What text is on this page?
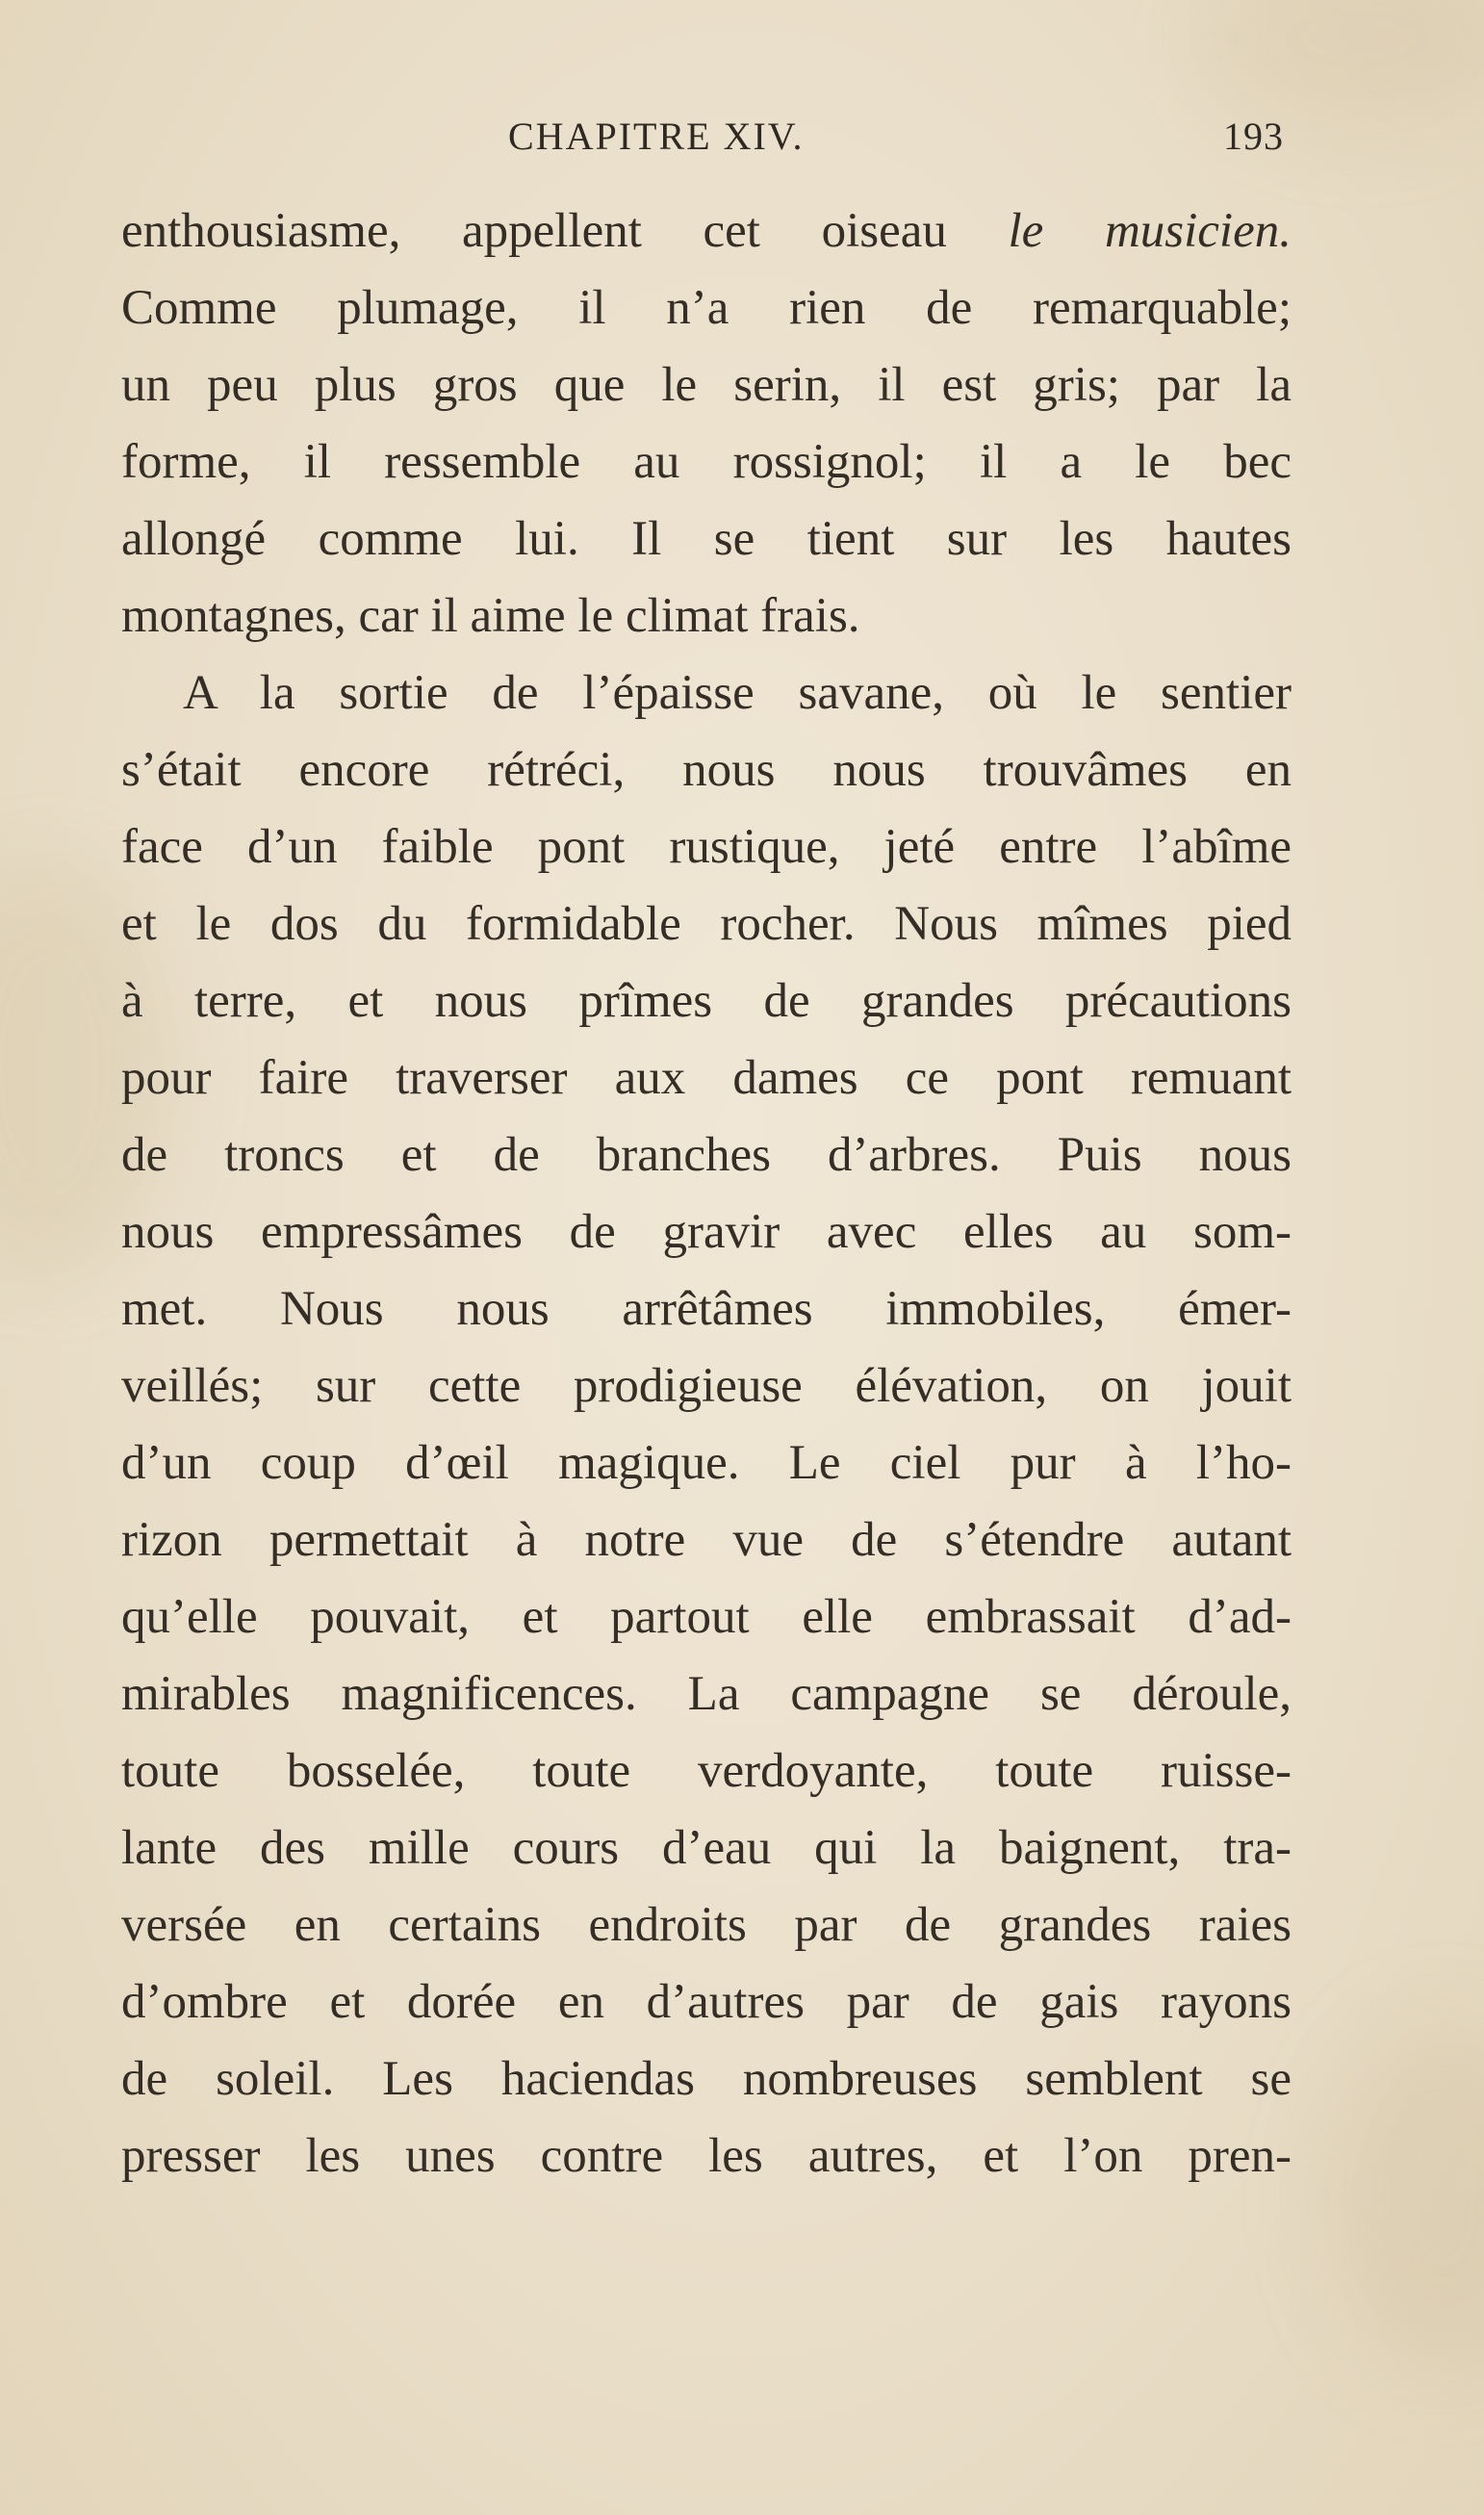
CHAPITRE XIV.	193
enthousiasme, appellent cet oiseau le musicien.
Comme plumage, il n’a rien de remarquable;
un peu plus gros que le serin, il est gris; par la
forme, il ressemble au rossignol; il a le bec
allongé comme lui. Il se tient sur les hautes
montagnes, car il aime le climat frais.
A la sortie de l’épaisse savane, où le sentier
s’était encore rétréci, nous nous trouvâmes en
face d’un faible pont rustique, jeté entre l’abîme
et le dos du formidable rocher. Nous mîmes pied
à terre, et nous prîmes de grandes précautions
pour faire traverser aux dames ce pont remuant
de troncs et de branches d’arbres. Puis nous
nous empressâmes de gravir avec elles au som-
met. Nous nous arrêtâmes immobiles, émer-
veillés; sur cette prodigieuse élévation, on jouit
d’un coup d’œil magique. Le ciel pur à l’ho-
rizon permettait à notre vue de s’étendre autant
qu’elle pouvait, et partout elle embrassait d’ad-
mirables magnificences. La campagne se déroule,
toute bosselée, toute verdoyante, toute ruisse-
lante des mille cours d’eau qui la baignent, tra-
versée en certains endroits par de grandes raies
d’ombre et dorée en d’autres par de gais rayons
de soleil. Les haciendas nombreuses semblent se
presser les unes contre les autres, et l’on pren-
